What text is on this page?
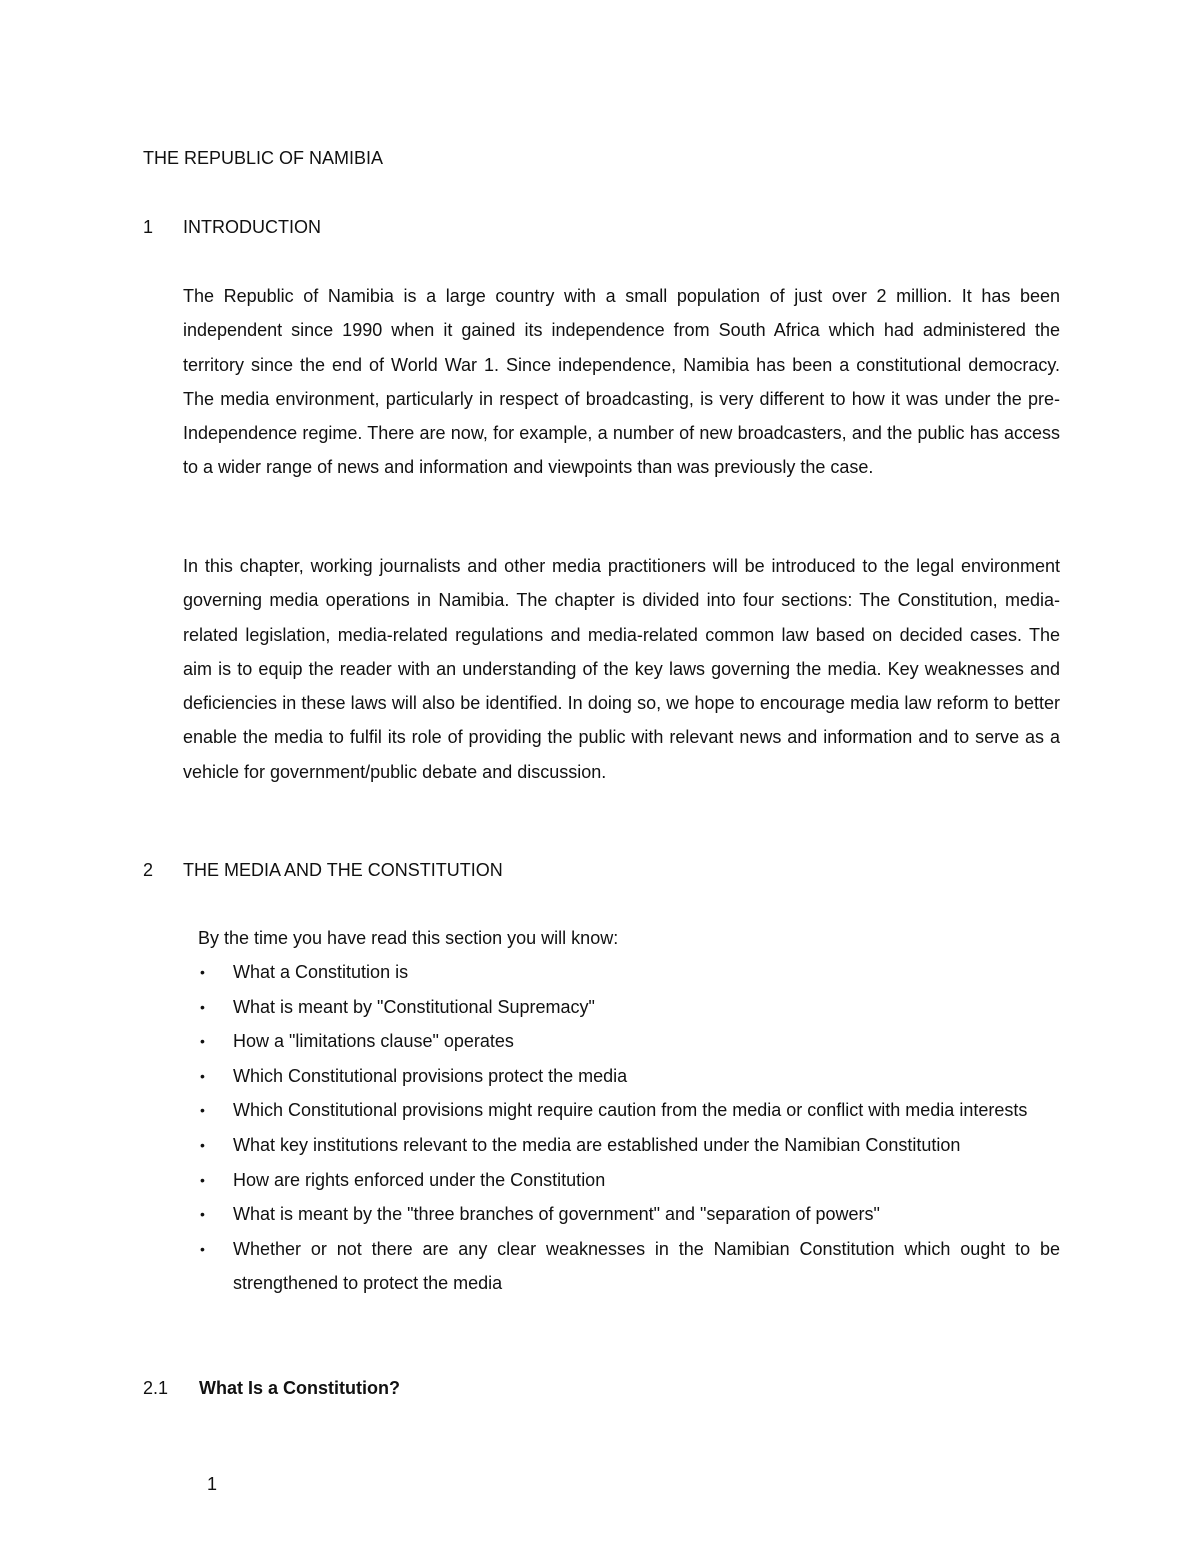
THE REPUBLIC OF NAMIBIA
1 INTRODUCTION

The Republic of Namibia is a large country with a small population of just over 2 million. It has been independent since 1990 when it gained its independence from South Africa which had administered the territory since the end of World War 1. Since independence, Namibia has been a constitutional democracy. The media environment, particularly in respect of broadcasting, is very different to how it was under the pre-Independence regime. There are now, for example, a number of new broadcasters, and the public has access to a wider range of news and information and viewpoints than was previously the case.

In this chapter, working journalists and other media practitioners will be introduced to the legal environment governing media operations in Namibia. The chapter is divided into four sections: The Constitution, media-related legislation, media-related regulations and media-related common law based on decided cases. The aim is to equip the reader with an understanding of the key laws governing the media. Key weaknesses and deficiencies in these laws will also be identified. In doing so, we hope to encourage media law reform to better enable the media to fulfil its role of providing the public with relevant news and information and to serve as a vehicle for government/public debate and discussion.

2 THE MEDIA AND THE CONSTITUTION
By the time you have read this section you will know:
• What a Constitution is
• What is meant by "Constitutional Supremacy"
• How a "limitations clause" operates
• Which Constitutional provisions protect the media
• Which Constitutional provisions might require caution from the media or conflict with media interests
• What key institutions relevant to the media are established under the Namibian Constitution
• How are rights enforced under the Constitution
• What is meant by the "three branches of government" and "separation of powers"
• Whether or not there are any clear weaknesses in the Namibian Constitution which ought to be strengthened to protect the media
2.1 What Is a Constitution?
1
